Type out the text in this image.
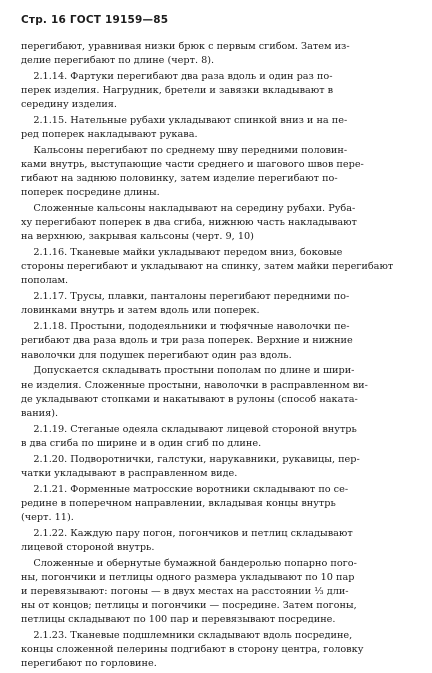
Стр. 16 ГОСТ 19159—85
перегибают, уравнивая низки брюк с первым сгибом. Затем из-
делие перегибают по длине (черт. 8).
2.1.14. Фартуки перегибают два раза вдоль и один раз по-
перек изделия. Нагрудник, бретели и завязки вкладывают в
середину изделия.
2.1.15. Нательные рубахи укладывают спинкой вниз и на пе-
ред поперек накладывают рукава.
Кальсоны перегибают по среднему шву передними половин-
ками внутрь, выступающие части среднего и шагового швов пере-
гибают на заднюю половинку, затем изделие перегибают по-
поперек посредине длины.
Сложенные кальсоны накладывают на середину рубахи. Руба-
ху перегибают поперек в два сгиба, нижнюю часть накладывают
на верхнюю, закрывая кальсоны (черт. 9, 10)
2.1.16. Тканевые майки укладывают передом вниз, боковые
стороны перегибают и укладывают на спинку, затем майки перегибают
пополам.
2.1.17. Трусы, плавки, панталоны перегибают передними по-
ловинками внутрь и затем вдоль или поперек.
2.1.18. Простыни, пододеяльники и тюфячные наволочки пе-
регибают два раза вдоль и три раза поперек. Верхние и нижние
наволочки для подушек перегибают один раз вдоль.
Допускается складывать простыни пополам по длине и шири-
не изделия. Сложенные простыни, наволочки в расправленном ви-
де укладывают стопками и накатывают в рулоны (способ наката-
вания).
2.1.19. Стеганые одеяла складывают лицевой стороной внутрь
в два сгиба по ширине и в один сгиб по длине.
2.1.20. Подворотнички, галстуки, нарукавники, рукавицы, пер-
чатки укладывают в расправленном виде.
2.1.21. Форменные матросские воротники складывают по се-
редине в поперечном направлении, вкладывая концы внутрь
(черт. 11).
2.1.22. Каждую пару погон, погончиков и петлиц складывают
лицевой стороной внутрь.
Сложенные и обернутые бумажной бандеролью попарно пого-
ны, погончики и петлицы одного размера укладывают по 10 пар
и перевязывают: погоны — в двух местах на расстоянии ⅓ дли-
ны от концов; петлицы и погончики — посредине. Затем погоны,
петлицы складывают по 100 пар и перевязывают посредине.
2.1.23. Тканевые подшлемники складывают вдоль посредине,
концы сложенной пелерины подгибают в сторону центра, головку
перегибают по горловине.
